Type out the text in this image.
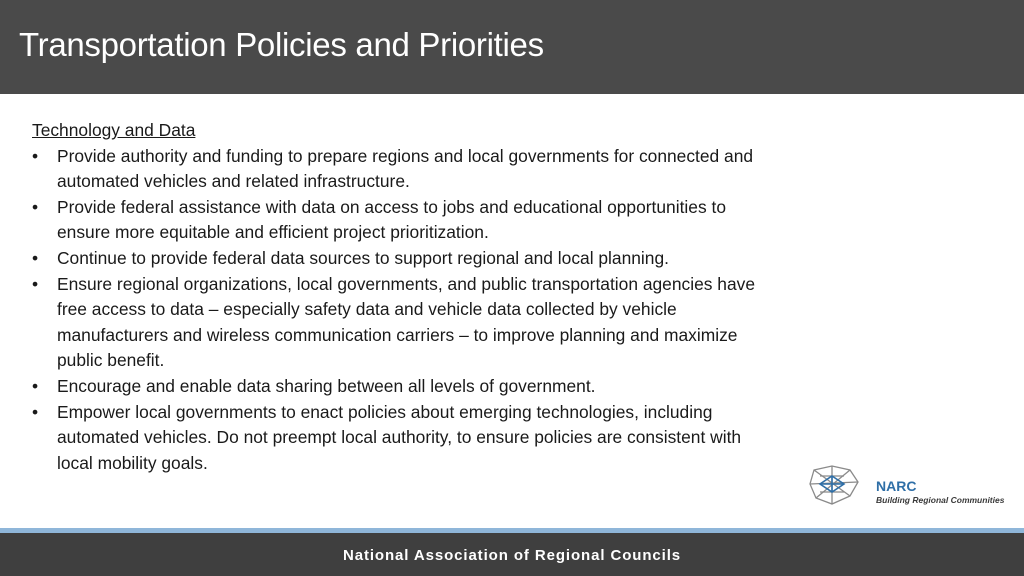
Transportation Policies and Priorities

Technology and Data

• Provide authority and funding to prepare regions and local governments for connected and automated vehicles and related infrastructure.
• Provide federal assistance with data on access to jobs and educational opportunities to ensure more equitable and efficient project prioritization.
• Continue to provide federal data sources to support regional and local planning.
• Ensure regional organizations, local governments, and public transportation agencies have free access to data – especially safety data and vehicle data collected by vehicle manufacturers and wireless communication carriers – to improve planning and maximize public benefit.
• Encourage and enable data sharing between all levels of government.
• Empower local governments to enact policies about emerging technologies, including automated vehicles. Do not preempt local authority, to ensure policies are consistent with local mobility goals.
NARC
Building Regional Communities
National Association of Regional Councils
